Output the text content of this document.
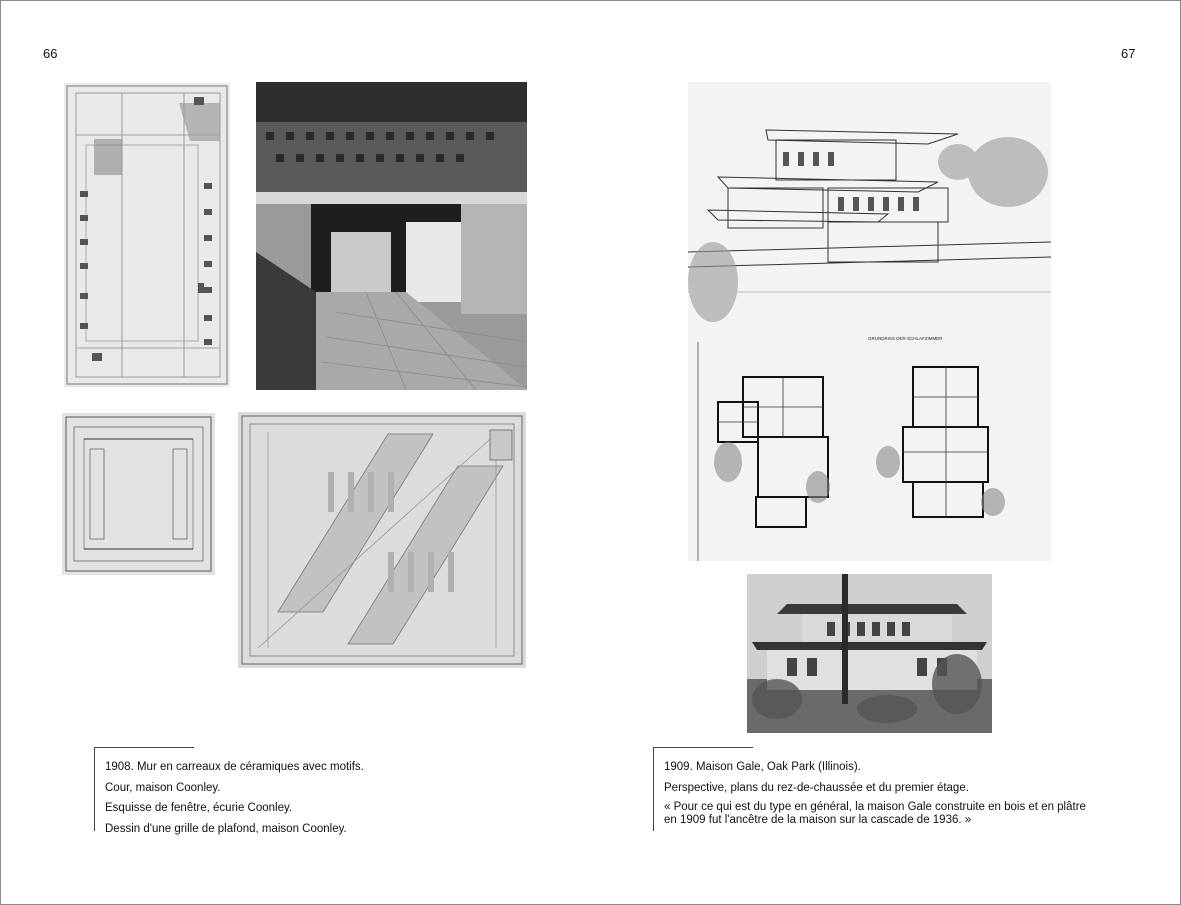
66	67
1908. Mur en carreaux de céramiques avec motifs.
Cour, maison Coonley.
Esquisse de fenêtre, écurie Coonley.
Dessin d'une grille de plafond, maison Coonley.
GRUNDRISS DER SCHLAFZIMMER
1909. Maison Gale, Oak Park (Illinois).
Perspective, plans du rez-de-chaussée et du premier étage.
« Pour ce qui est du type en général, la maison Gale construite en bois et en plâtre en 1909 fut l'ancêtre de la maison sur la cascade de 1936. »
